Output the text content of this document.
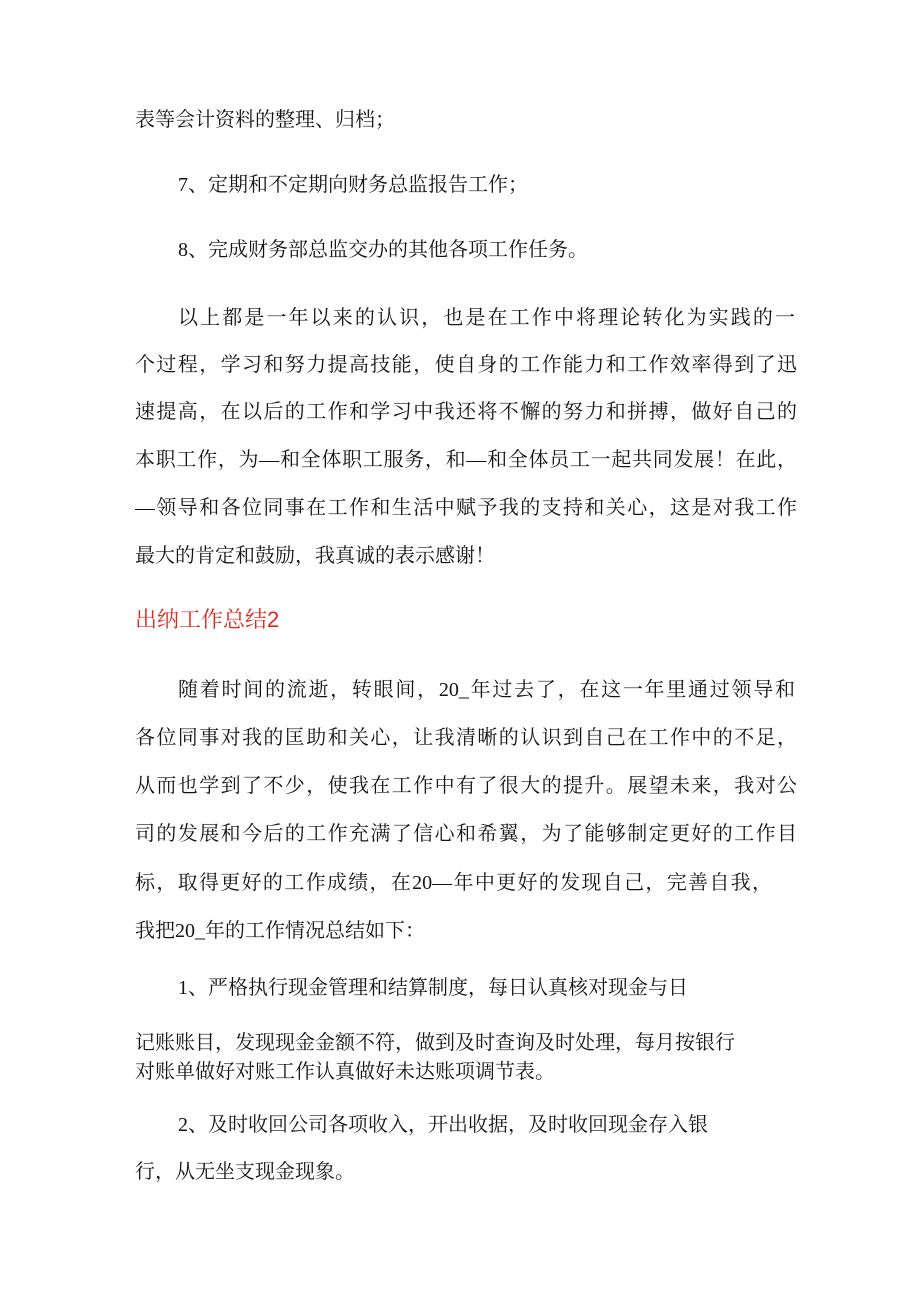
表等会计资料的整理、归档；
7、定期和不定期向财务总监报告工作；
8、完成财务部总监交办的其他各项工作任务。
以上都是一年以来的认识，也是在工作中将理论转化为实践的一
个过程，学习和努力提高技能，使自身的工作能力和工作效率得到了迅
速提高，在以后的工作和学习中我还将不懈的努力和拼搏，做好自己的
本职工作，为—和全体职工服务，和—和全体员工一起共同发展！在此，
—领导和各位同事在工作和生活中赋予我的支持和关心，这是对我工作
最大的肯定和鼓励，我真诚的表示感谢！
出纳工作总结2
随着时间的流逝，转眼间，20_年过去了，在这一年里通过领导和
各位同事对我的匡助和关心，让我清晰的认识到自己在工作中的不足，
从而也学到了不少，使我在工作中有了很大的提升。展望未来，我对公
司的发展和今后的工作充满了信心和希翼，为了能够制定更好的工作目
标，取得更好的工作成绩，在20—年中更好的发现自己，完善自我，
我把20_年的工作情况总结如下：
1、严格执行现金管理和结算制度，每日认真核对现金与日
记账账目，发现现金金额不符，做到及时查询及时处理，每月按银行
对账单做好对账工作认真做好未达账项调节表。
2、及时收回公司各项收入，开出收据，及时收回现金存入银
行，从无坐支现金现象。
